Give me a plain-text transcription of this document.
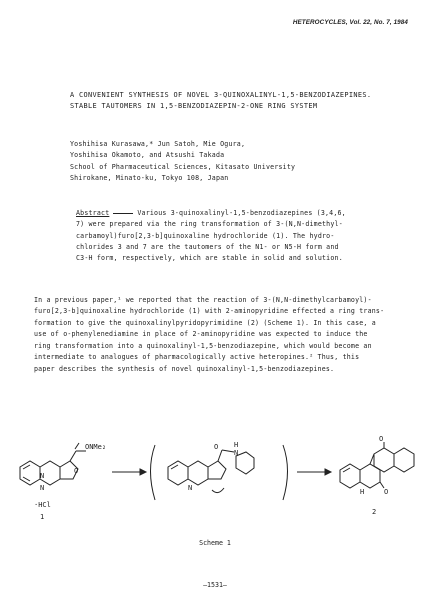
HETEROCYCLES, Vol. 22, No. 7, 1984
A CONVENIENT SYNTHESIS OF NOVEL 3-QUINOXALINYL-1,5-BENZODIAZEPINES.
STABLE TAUTOMERS IN 1,5-BENZODIAZEPIN-2-ONE RING SYSTEM
Yoshihisa Kurasawa,* Jun Satoh, Mie Ogura,
Yoshihisa Okamoto, and Atsushi Takada
School of Pharmaceutical Sciences, Kitasato University
Shirokane, Minato-ku, Tokyo 108, Japan
Abstract	Various 3-quinoxalinyl-1,5-benzodiazepines (3,4,6,
7) were prepared via the ring transformation of 3-(N,N-dimethyl-
carbamoyl)furo[2,3-b]quinoxaline hydrochloride (1). The hydro-
chlorides 3 and 7 are the tautomers of the N1- or N5-H form and
C3-H form, respectively, which are stable in solid and solution.
In a previous paper,¹ we reported that the reaction of 3-(N,N-dimethylcarbamoyl)-
furo[2,3-b]quinoxaline hydrochloride (1) with 2-aminopyridine effected a ring trans-
formation to give the quinoxalinylpyridopyrimidine (2) (Scheme 1). In this case, a
use of o-phenylenediamine in place of 2-aminopyridine was expected to induce the
ring transformation into a quinoxalinyl-1,5-benzodiazepine, which would become an
intermediate to analogues of pharmacologically active heteropines.² Thus, this
paper describes the synthesis of novel quinoxalinyl-1,5-benzodiazepines.
ONMe₂
N
N
O
·HCl
1
O H
N
N
O
O
H
2
Scheme 1
—1531—
